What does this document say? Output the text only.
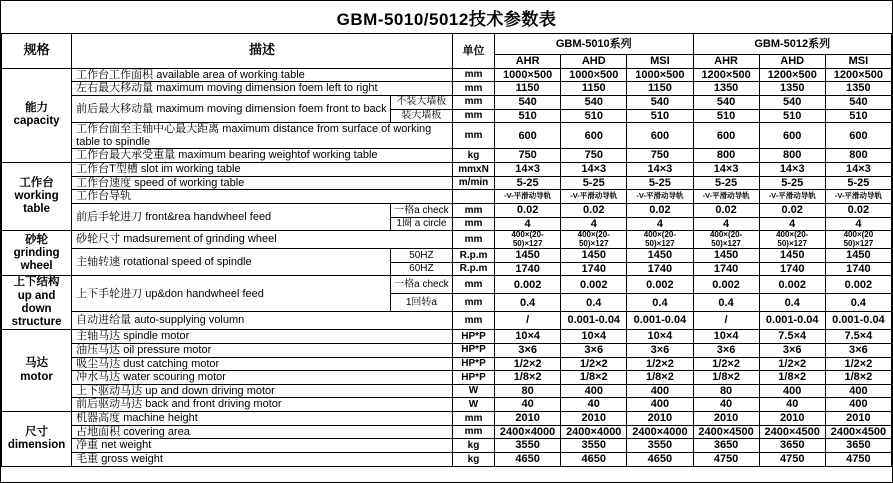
GBM-5010/5012技术参数表
规格	描述		单位	GBM-5010系列			GBM-5012系列		
				AHR	AHD	MSI	AHR	AHD	MSI
能力
capacity	工作台工作面积 available area of working table		mm	1000×500	1000×500	1000×500	1200×500	1200×500	1200×500
	左右最大移动量 maximum moving dimension foem left to right		mm	1150	1150	1150	1350	1350	1350
	前后最大移动量 maximum moving dimension foem front to back	不装大墙板	mm	540	540	540	540	540	540
		装大墙板	mm	510	510	510	510	510	510
	工作台面至主轴中心最大距离 maximum distance from surface of working table to spindle		mm	600	600	600	600	600	600
	工作台最大承受重量 maximum bearing weightof working table		kg	750	750	750	800	800	800
工作台
working table	工作台T型槽 slot im working table		mmxN	14×3	14×3	14×3	14×3	14×3	14×3
	工作台速度 speed of working table		m/min	5-25	5-25	5-25	5-25	5-25	5-25
	工作台导轨			-V-平滑动导轨	-V-平滑动导轨	-V-平滑动导轨	-V-平滑动导轨	-V-平滑动导轨	-V-平滑动导轨
	前后手轮进刀 front&rea handwheel feed	一格a check	mm	0.02	0.02	0.02	0.02	0.02	0.02
		1圈 a circle	mm	4	4	4	4	4	4
砂轮
grinding wheel	砂轮尺寸 madsurement of grinding wheel		mm	400×(20-50)×127	400×(20-50)×127	400×(20-50)×127	400×(20-50)×127	400×(20-50)×127	400×(20 50)×127
	主轴转速 rotational speed of spindle	50HZ	R.p.m	1450	1450	1450	1450	1450	1450
		60HZ	R.p.m	1740	1740	1740	1740	1740	1740
上下结构
up and down structure	上下手轮进刀 up&don handwheel feed	一格a check	mm	0.002	0.002	0.002	0.002	0.002	0.002
		1回转a	mm	0.4	0.4	0.4	0.4	0.4	0.4
	自动进给量 auto-supplying volumn		mm	/	0.001-0.04	0.001-0.04	/	0.001-0.04	0.001-0.04
马达
motor	主轴马达 spindle motor		HP*P	10×4	10×4	10×4	10×4	7.5×4	7.5×4
	油压马达 oil pressure motor		HP*P	3×6	3×6	3×6	3×6	3×6	3×6
	吸尘马达 dust catching motor		HP*P	1/2×2	1/2×2	1/2×2	1/2×2	1/2×2	1/2×2
	冲水马达 water scouring motor		HP*P	1/8×2	1/8×2	1/8×2	1/8×2	1/8×2	1/8×2
	上下驱动马达 up and down driving motor		W	80	400	400	80	400	400
	前后驱动马达 back and front driving motor		W	40	40	400	40	40	400
尺寸
dimension	机器高度 machine height		mm	2010	2010	2010	2010	2010	2010
	占地面积 covering area		mm	2400×4000	2400×4000	2400×4000	2400×4500	2400×4500	2400×4500
	净重 net weight		kg	3550	3550	3550	3650	3650	3650
	毛重 gross weight		kg	4650	4650	4650	4750	4750	4750
